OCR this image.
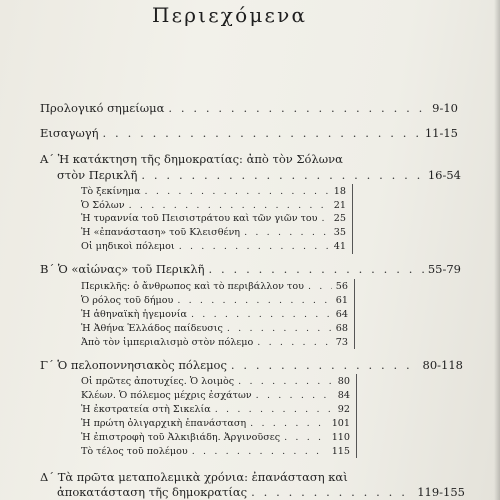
Περιεχόμενα
Προλογικό σημείωμα . . .	9-10
Εισαγωγή . . .	11-15
Α΄ Ἡ κατάκτηση τῆς δημοκρατίας: ἀπὸ τὸν Σόλωνα
στὸν Περικλῆ . . .	16-54
Τὸ ξεκίνημα . . .	18
Ὁ Σόλων . . .	21
Ἡ τυραννία τοῦ Πεισιστράτου καὶ τῶν γιῶν του . . . 25
Ἡ «ἐπανάσταση» τοῦ Κλεισθένη . . .	35
Οἱ μηδικοὶ πόλεμοι . . .	41
Β΄ Ὁ «αἰώνας» τοῦ Περικλῆ . . .	55-79
Περικλῆς: ὁ ἄνθρωπος καὶ τὸ περιβάλλον του . . .	56
Ὁ ρόλος τοῦ δήμου . . .	61
Ἡ ἀθηναϊκὴ ἡγεμονία . . .	64
Ἡ Ἀθήνα Ἑλλάδος παίδευσις . . .	68
Ἀπὸ τὸν ἰμπεριαλισμὸ στὸν πόλεμο . . .	73
Γ΄ Ὁ πελοποννησιακὸς πόλεμος . . .	80-118
Οἱ πρῶτες ἀποτυχίες. Ὁ λοιμὸς . . .	80
Κλέων. Ὁ πόλεμος μέχρις ἐσχάτων . . .	84
Ἡ ἐκστρατεία στὴ Σικελία . . .	92
Ἡ πρώτη ὀλιγαρχικὴ ἐπανάσταση . . .	101
Ἡ ἐπιστροφὴ τοῦ Ἀλκιβιάδη. Ἀργινοῦσες . . .	110
Τὸ τέλος τοῦ πολέμου . . .	115
Δ΄ Τὰ πρῶτα μεταπολεμικὰ χρόνια: ἐπανάσταση καὶ
ἀποκατάσταση τῆς δημοκρατίας . . .	119-155
